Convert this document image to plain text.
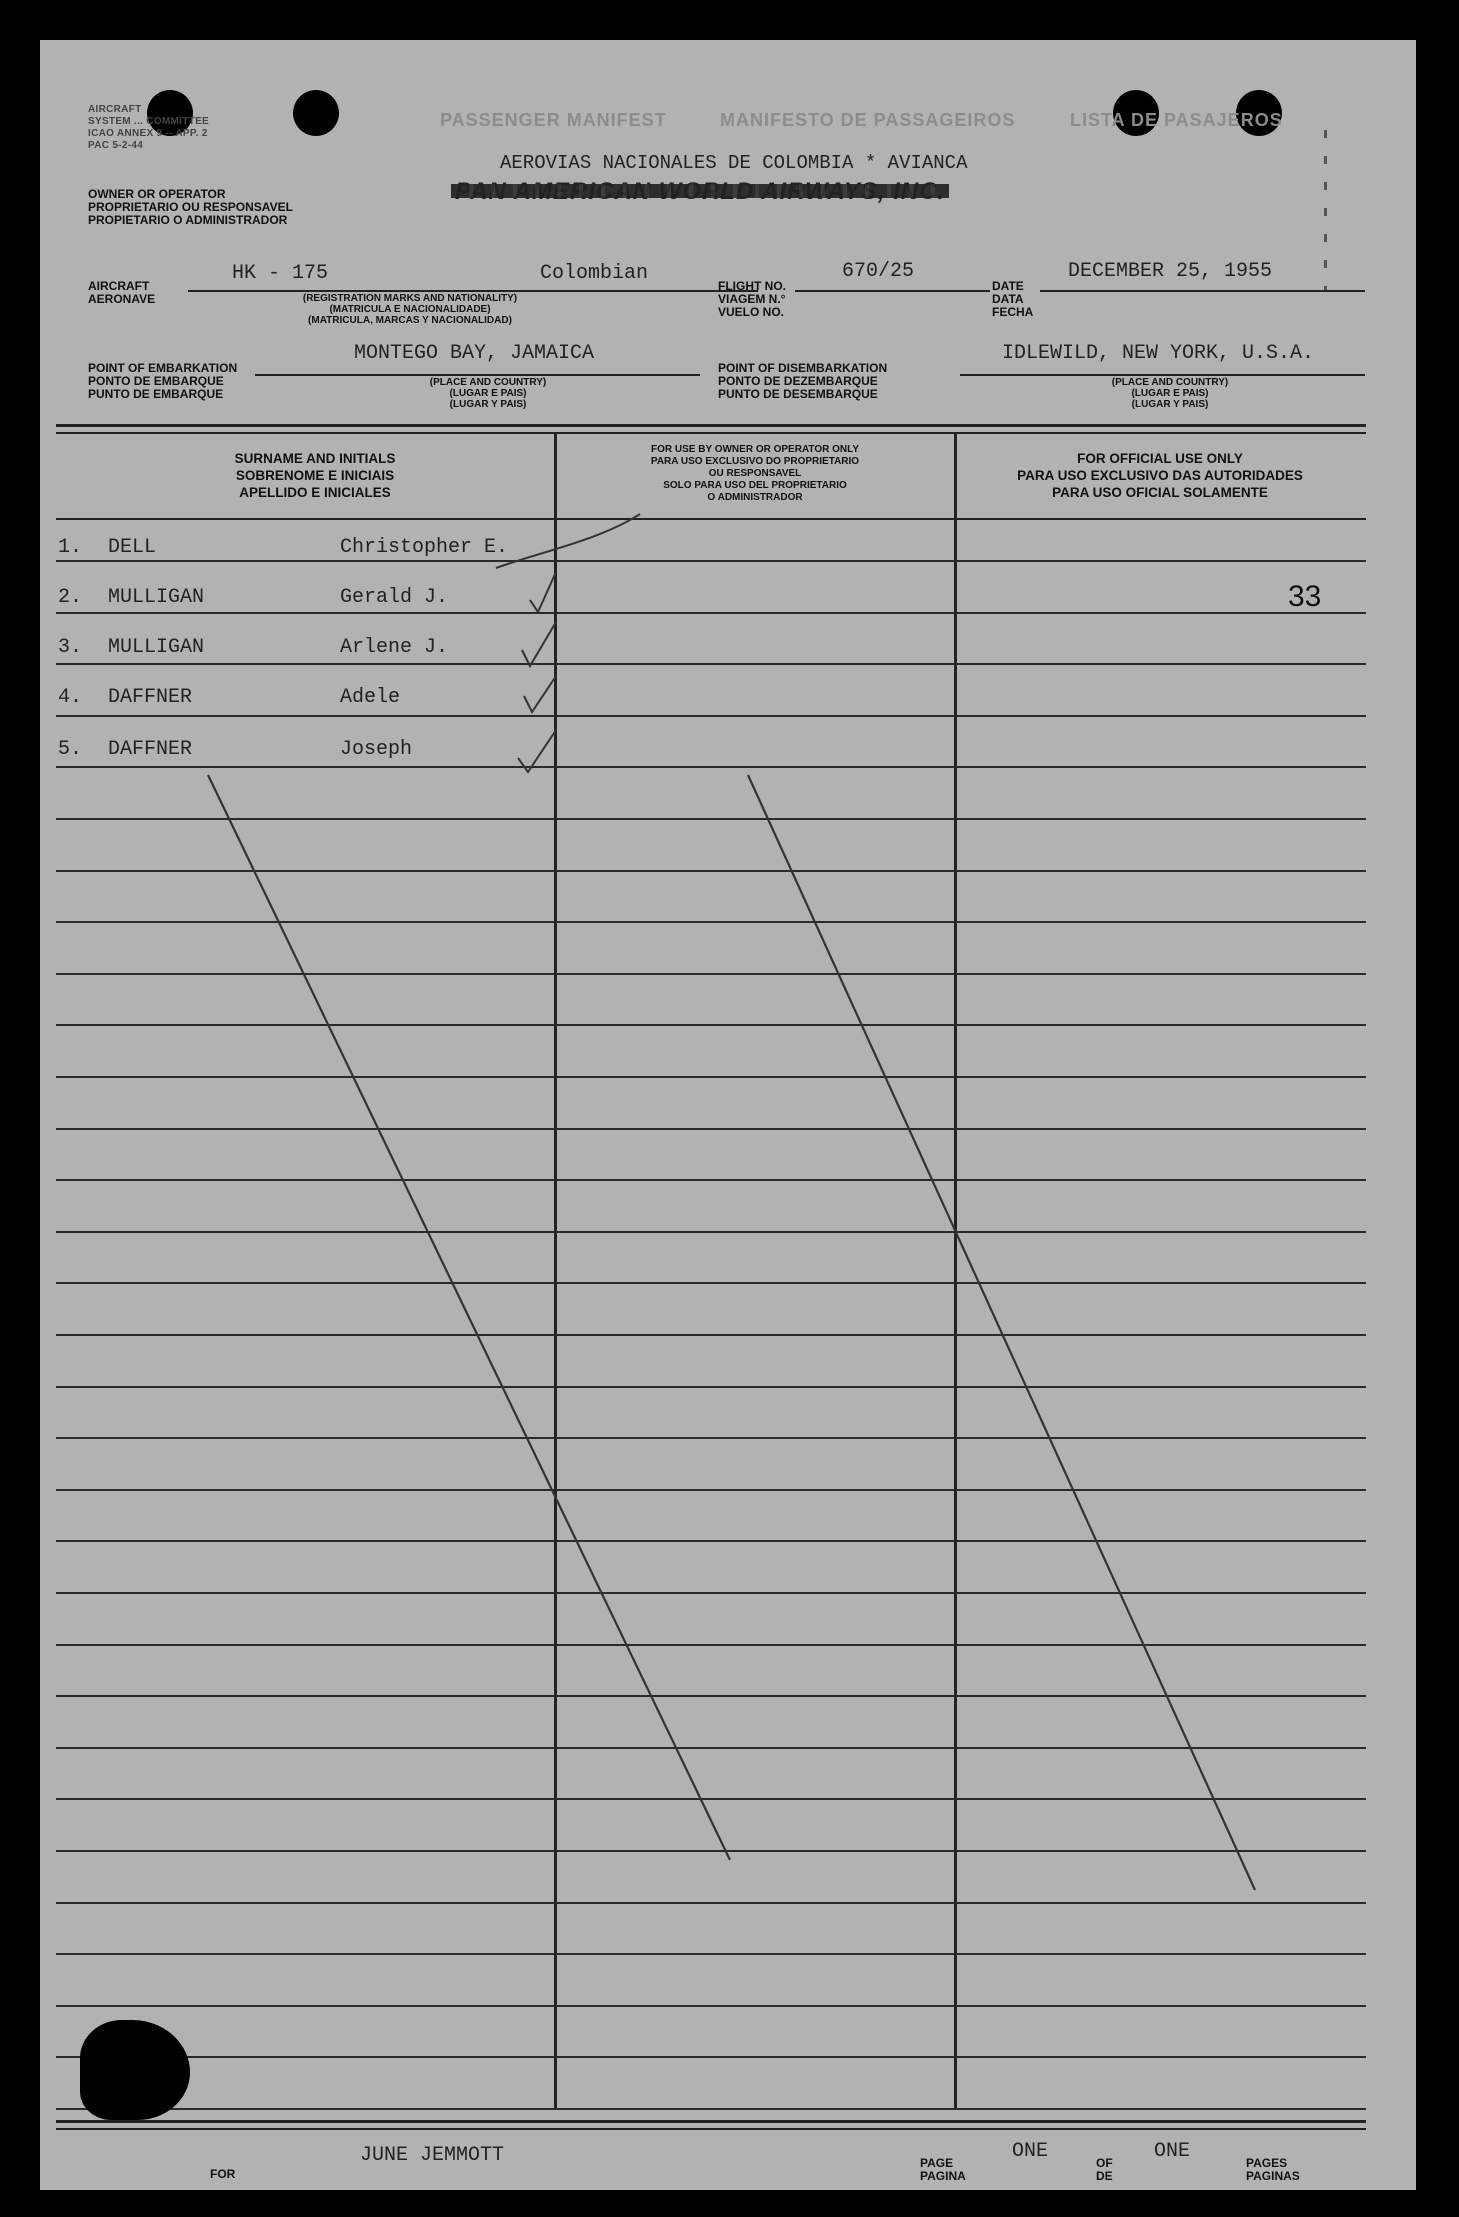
AIRCRAFT
SYSTEM ... COMMITTEE
ICAO ANNEX 9 -- APP. 2
PAC 5-2-44
PASSENGER MANIFEST	MANIFESTO DE PASSAGEIROS	LISTA DE PASAJEROS
AEROVIAS NACIONALES DE COLOMBIA * AVIANCA
OWNER OR OPERATOR
PROPRIETARIO OU RESPONSAVEL
PROPIETARIO O ADMINISTRADOR
AIRCRAFT
AERONAVE
HK - 175	Colombian
(REGISTRATION MARKS AND NATIONALITY)
(MATRICULA E NACIONALIDADE)
(MATRICULA, MARCAS Y NACIONALIDAD)
FLIGHT NO.
VIAGEM N.°
VUELO NO.
670/25
DATE
DATA
FECHA
DECEMBER 25, 1955
POINT OF EMBARKATION
PONTO DE EMBARQUE
PUNTO DE EMBARQUE
MONTEGO BAY, JAMAICA
(PLACE AND COUNTRY)
(LUGAR E PAIS)
(LUGAR Y PAIS)
POINT OF DISEMBARKATION
PONTO DE DEZEMBARQUE
PUNTO DE DESEMBARQUE
IDLEWILD, NEW YORK, U.S.A.
(PLACE AND COUNTRY)
(LUGAR E PAIS)
(LUGAR Y PAIS)
SURNAME AND INITIALS
SOBRENOME E INICIAIS
APELLIDO E INICIALES
FOR USE BY OWNER OR OPERATOR ONLY
PARA USO EXCLUSIVO DO PROPRIETARIO
OU RESPONSAVEL
SOLO PARA USO DEL PROPRIETARIO
O ADMINISTRADOR
FOR OFFICIAL USE ONLY
PARA USO EXCLUSIVO DAS AUTORIDADES
PARA USO OFICIAL SOLAMENTE
1. DELL	Christopher E.
2. MULLIGAN	Gerald J.
3. MULLIGAN	Arlene J.
4. DAFFNER	Adele
5. DAFFNER	Joseph
33
JUNE JEMMOTT
FOR
PAGE
PAGINA
ONE	OF
DE
ONE	PAGES
PAGINAS
